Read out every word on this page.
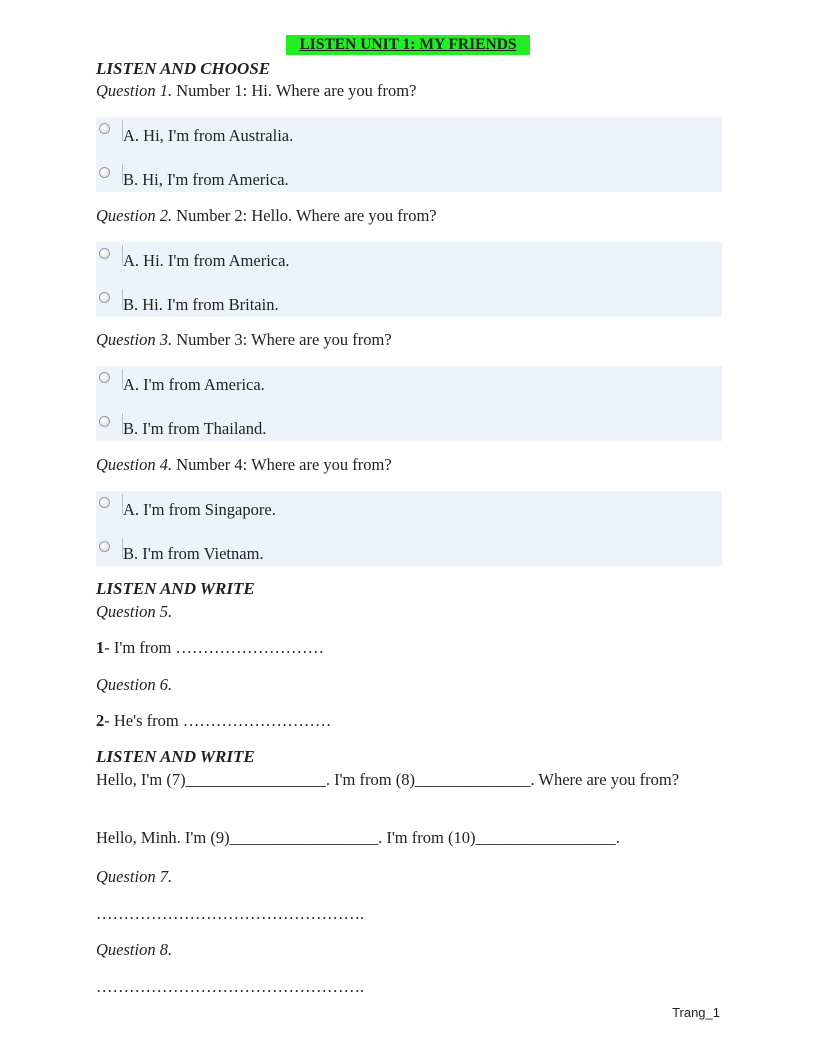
LISTEN UNIT 1: MY FRIENDS
LISTEN AND CHOOSE
Question 1. Number 1: Hi. Where are you from?
A. Hi, I'm from Australia.
B. Hi, I'm from America.
Question 2. Number 2: Hello. Where are you from?
A. Hi. I'm from America.
B. Hi. I'm from Britain.
Question 3. Number 3: Where are you from?
A. I'm from America.
B. I'm from Thailand.
Question 4. Number 4: Where are you from?
A. I'm from Singapore.
B. I'm from Vietnam.
LISTEN AND WRITE
Question 5.
1- I'm from ………………………
Question 6.
2- He's from ………………………
LISTEN AND WRITE
Hello, I'm (7)_________________. I'm from (8)______________. Where are you from?
Hello, Minh. I'm (9)__________________. I'm from (10)_________________.
Question 7.
………………………………………….
Question 8.
………………………………………….
Trang_1
